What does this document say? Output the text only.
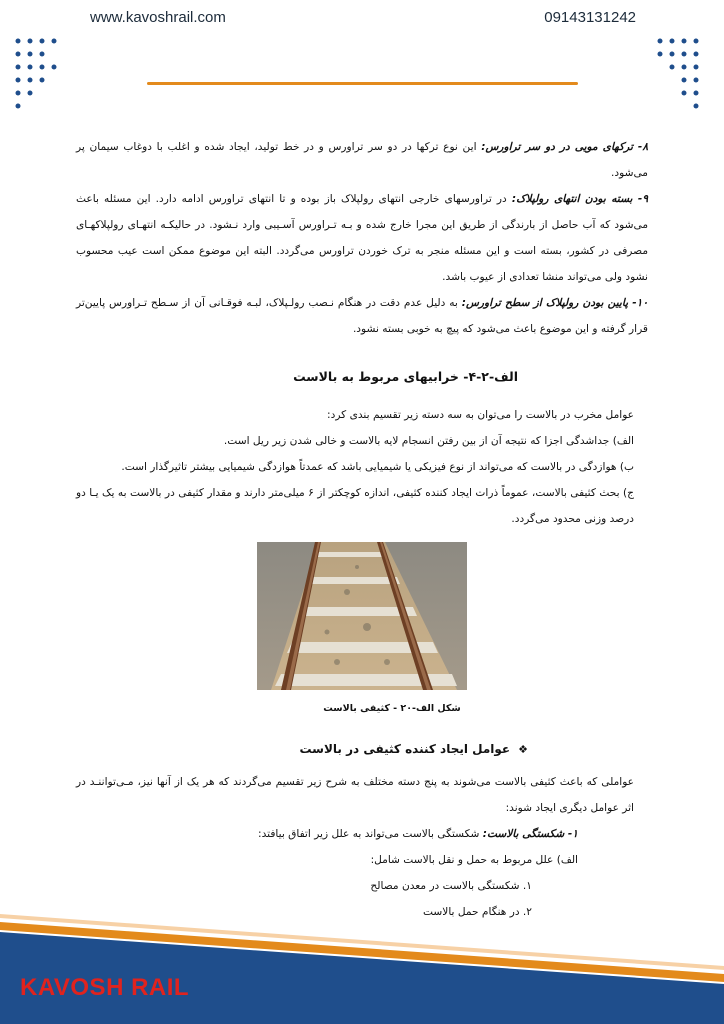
www.kavoshrail.com	09143131242

۸- ترکهای مویی در دو سر تراورس: این نوع ترکها در دو سر تراورس و در خط تولید، ایجاد شده و اغلب با دوغاب سیمان پر می‌شود.

۹- بسته بودن انتهای رولپلاک: در تراورسهای خارجی انتهای رولپلاک باز بوده و تا انتهای تراورس ادامه دارد. این مسئله باعث می‌شود که آب حاصل از بارندگی از طریق این مجرا خارج شده و بـه تـراورس آسـیبی وارد نـشود. در حالیکـه انتهـای رولپلاکهـای مصرفی در کشور، بسته است و این مسئله منجر به ترک خوردن تراورس می‌گردد. البته این موضوع ممکن است عیب محسوب نشود ولی می‌تواند منشا تعدادی از عیوب باشد.

۱۰- پایین بودن رولپلاک از سطح تراورس: به دلیل عدم دقت در هنگام نـصب رولـپلاک، لبـه فوقـانی آن از سـطح تـراورس پایین‌تر قرار گرفته و این موضوع باعث می‌شود که پیچ به خوبی بسته نشود.

الف-۲-۴- خرابیهای مربوط به بالاست

عوامل مخرب در بالاست را می‌توان به سه دسته زیر تقسیم بندی کرد:

الف) جداشدگی اجزا که نتیجه آن از بین رفتن انسجام لایه بالاست و خالی شدن زیر ریل است.

ب) هوازدگی در بالاست که می‌تواند از نوع فیزیکی یا شیمیایی باشد که عمدتاً هوازدگی شیمیایی بیشتر تاثیرگذار است.

ج) بحث کثیفی بالاست، عموماً ذرات ایجاد کننده کثیفی، اندازه کوچکتر از ۶ میلی‌متر دارند و مقدار کثیفی در بالاست به یک یـا دو درصد وزنی محدود می‌گردد.

شکل الف-۲۰ - کثیفی بالاست
❖عوامل ایجاد کننده کثیفی در بالاست

عواملی که باعث کثیفی بالاست می‌شوند به پنج دسته مختلف به شرح زیر تقسیم می‌گردند که هر یک از آنها نیز، مـی‌تواننـد در اثر عوامل دیگری ایجاد شوند:

۱- شکستگی بالاست: شکستگی بالاست می‌تواند به علل زیر اتفاق بیافتد:

الف) علل مربوط به حمل و نقل بالاست شامل:

۱. شکستگی بالاست در معدن مصالح

۲. در هنگام حمل بالاست

KAVOSH RAIL
